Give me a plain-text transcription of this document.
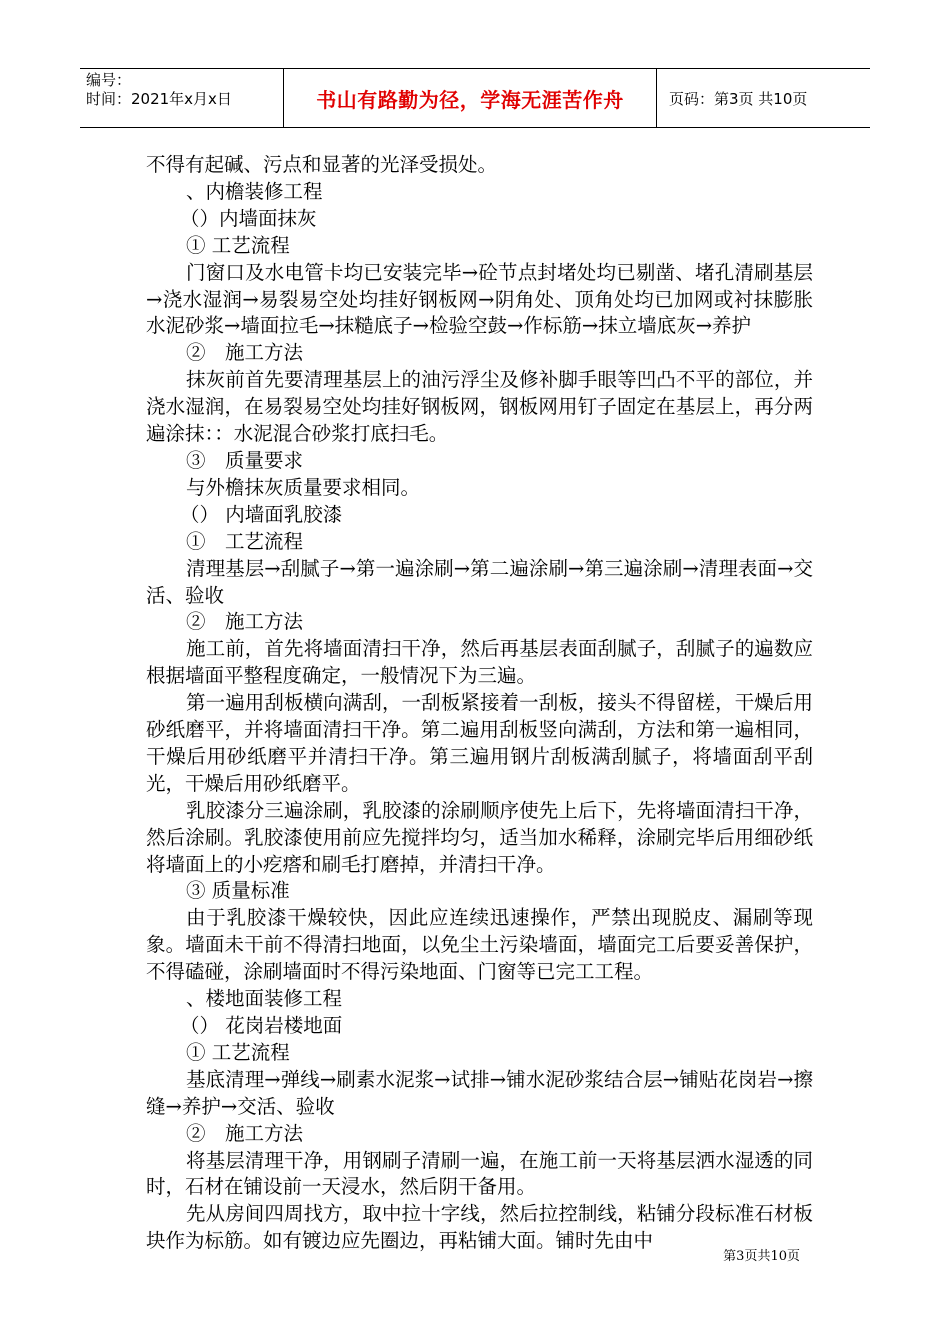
编号：
时间：2021年x月x日	书山有路勤为径，学海无涯苦作舟	页码：第3页 共10页

不得有起碱、污点和显著的光泽受损处。

、内檐装修工程

（）内墙面抹灰

① 工艺流程

门窗口及水电管卡均已安装完毕→砼节点封堵处均已剔凿、堵孔清刷基层→浇水湿润→易裂易空处均挂好钢板网→阴角处、顶角处均已加网或衬抹膨胀水泥砂浆→墙面拉毛→抹糙底子→检验空鼓→作标筋→抹立墙底灰→养护

②　施工方法

抹灰前首先要清理基层上的油污浮尘及修补脚手眼等凹凸不平的部位，并浇水湿润，在易裂易空处均挂好钢板网，钢板网用钉子固定在基层上，再分两遍涂抹：：水泥混合砂浆打底扫毛。

③　质量要求

与外檐抹灰质量要求相同。

（） 内墙面乳胶漆

①　工艺流程

清理基层→刮腻子→第一遍涂刷→第二遍涂刷→第三遍涂刷→清理表面→交活、验收

②　施工方法

施工前，首先将墙面清扫干净，然后再基层表面刮腻子，刮腻子的遍数应根据墙面平整程度确定，一般情况下为三遍。

第一遍用刮板横向满刮，一刮板紧接着一刮板，接头不得留槎，干燥后用砂纸磨平，并将墙面清扫干净。第二遍用刮板竖向满刮，方法和第一遍相同，干燥后用砂纸磨平并清扫干净。第三遍用钢片刮板满刮腻子，将墙面刮平刮光，干燥后用砂纸磨平。

乳胶漆分三遍涂刷，乳胶漆的涂刷顺序使先上后下，先将墙面清扫干净，然后涂刷。乳胶漆使用前应先搅拌均匀，适当加水稀释，涂刷完毕后用细砂纸将墙面上的小疙瘩和刷毛打磨掉，并清扫干净。

③ 质量标准

由于乳胶漆干燥较快，因此应连续迅速操作，严禁出现脱皮、漏刷等现象。墙面未干前不得清扫地面，以免尘土污染墙面，墙面完工后要妥善保护，不得磕碰，涂刷墙面时不得污染地面、门窗等已完工工程。

、楼地面装修工程

（） 花岗岩楼地面

① 工艺流程

基底清理→弹线→刷素水泥浆→试排→铺水泥砂浆结合层→铺贴花岗岩→擦缝→养护→交活、验收

②　施工方法

将基层清理干净，用钢刷子清刷一遍，在施工前一天将基层洒水湿透的同时，石材在铺设前一天浸水，然后阴干备用。

先从房间四周找方，取中拉十字线，然后拉控制线，粘铺分段标准石材板块作为标筋。如有镀边应先圈边，再粘铺大面。铺时先由中

第3页共10页
